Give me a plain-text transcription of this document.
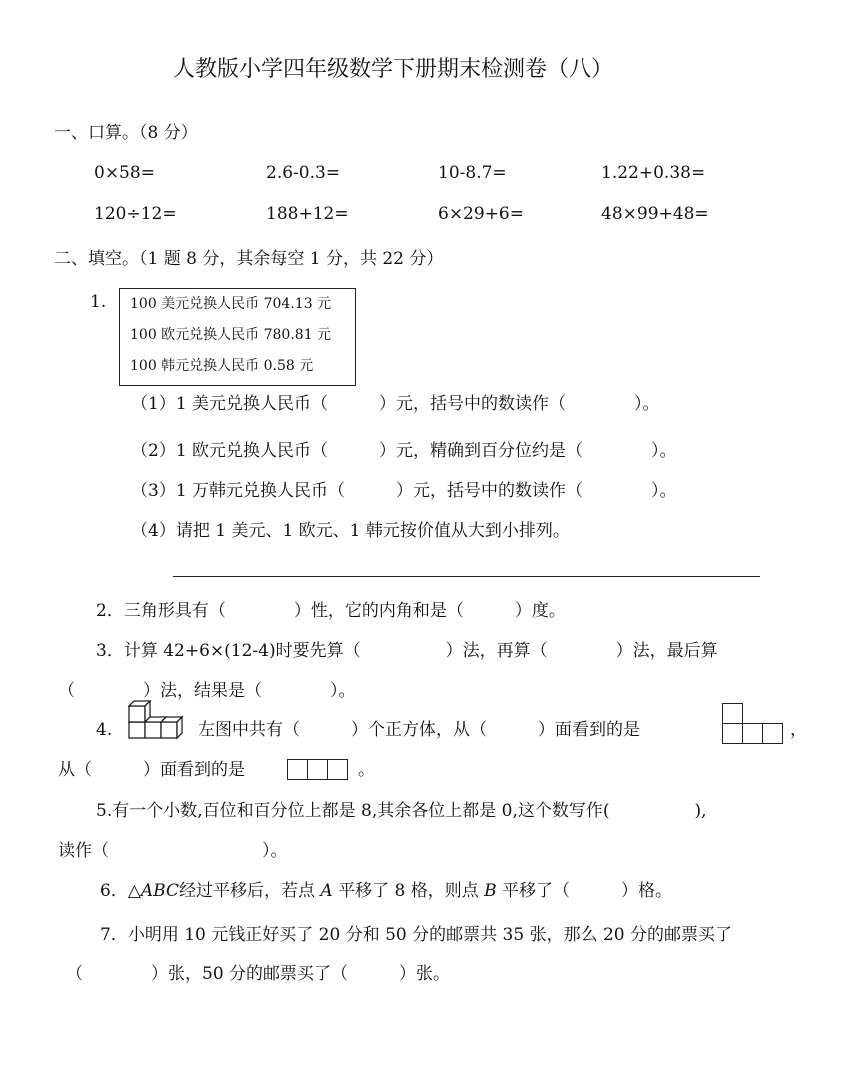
人教版小学四年级数学下册期末检测卷（八）
一、口算。（8 分）
0×58=	2.6-0.3=	10-8.7=	1.22+0.38=
120÷12=	188+12=	6×29+6=	48×99+48=
二、填空。（1 题 8 分，其余每空 1 分，共 22 分）
1. 100 美元兑换人民币 704.13 元
100 欧元兑换人民币 780.81 元
100 韩元兑换人民币 0.58 元
（1）1 美元兑换人民币（　　　）元，括号中的数读作（　　　　）。
（2）1 欧元兑换人民币（　　　）元，精确到百分位约是（　　　　）。
（3）1 万韩元兑换人民币（　　　）元，括号中的数读作（　　　　）。
（4）请把 1 美元、1 欧元、1 韩元按价值从大到小排列。
2．三角形具有（　　　　）性，它的内角和是（　　　）度。
3．计算 42+6×(12-4)时要先算（　　　　　）法，再算（　　　　）法，最后算
（　　　　）法，结果是（　　　　）。
4.	左图中共有（　　　）个正方体，从（　　　）面看到的是	，
从（　　　）面看到的是	。
5.有一个小数,百位和百分位上都是 8,其余各位上都是 0,这个数写作(　　　　　),
读作（　　　　　　　　　）。
6．△ABC经过平移后，若点 A 平移了 8 格，则点 B 平移了（　　　）格。
7．小明用 10 元钱正好买了 20 分和 50 分的邮票共 35 张，那么 20 分的邮票买了
（　　　　）张，50 分的邮票买了（　　　）张。
